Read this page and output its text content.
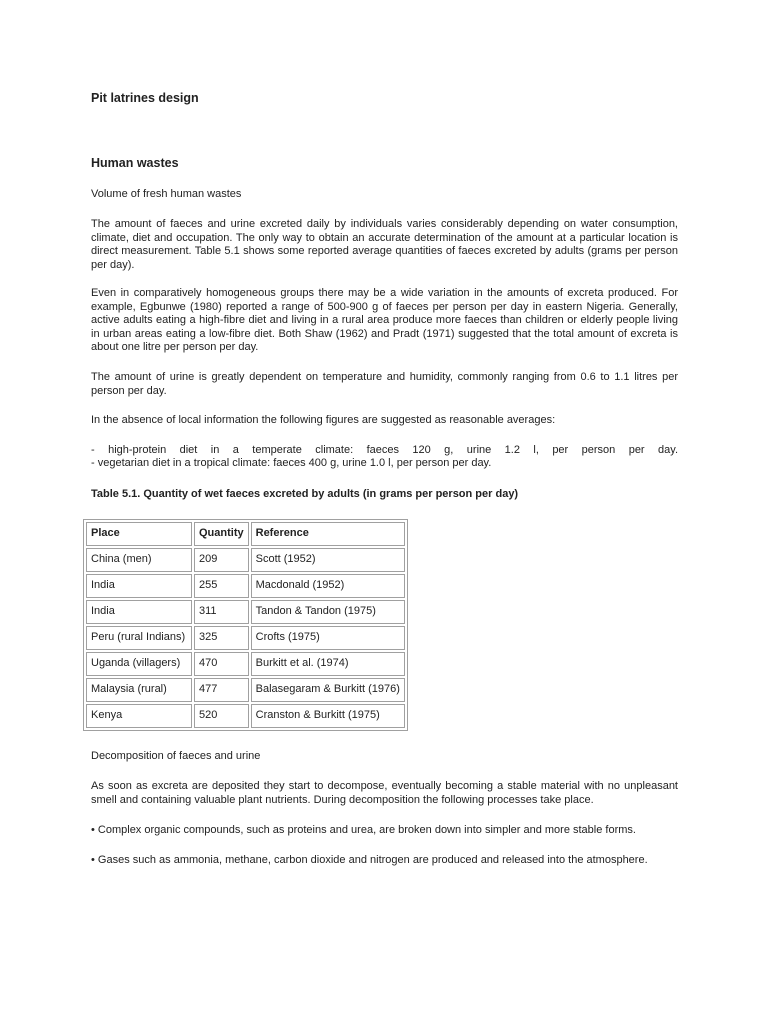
Pit latrines design
Human wastes

Volume of fresh human wastes

The amount of faeces and urine excreted daily by individuals varies considerably depending on water consumption, climate, diet and occupation. The only way to obtain an accurate determination of the amount at a particular location is direct measurement. Table 5.1 shows some reported average quantities of faeces excreted by adults (grams per person per day).

Even in comparatively homogeneous groups there may be a wide variation in the amounts of excreta produced. For example, Egbunwe (1980) reported a range of 500-900 g of faeces per person per day in eastern Nigeria. Generally, active adults eating a high-fibre diet and living in a rural area produce more faeces than children or elderly people living in urban areas eating a low-fibre diet. Both Shaw (1962) and Pradt (1971) suggested that the total amount of excreta is about one litre per person per day.

The amount of urine is greatly dependent on temperature and humidity, commonly ranging from 0.6 to 1.1 litres per person per day.

In the absence of local information the following figures are suggested as reasonable averages:

- high-protein diet in a temperate climate: faeces 120 g, urine 1.2 l, per person per day.

- vegetarian diet in a tropical climate: faeces 400 g, urine 1.0 l, per person per day.

Table 5.1. Quantity of wet faeces excreted by adults (in grams per person per day)

Place	Quantity	Reference
China (men)	209	Scott (1952)
India	255	Macdonald (1952)
India	311	Tandon & Tandon (1975)
Peru (rural Indians)	325	Crofts (1975)
Uganda (villagers)	470	Burkitt et al. (1974)
Malaysia (rural)	477	Balasegaram & Burkitt (1976)
Kenya	520	Cranston & Burkitt (1975)

Decomposition of faeces and urine

As soon as excreta are deposited they start to decompose, eventually becoming a stable material with no unpleasant smell and containing valuable plant nutrients. During decomposition the following processes take place.

• Complex organic compounds, such as proteins and urea, are broken down into simpler and more stable forms.

• Gases such as ammonia, methane, carbon dioxide and nitrogen are produced and released into the atmosphere.
